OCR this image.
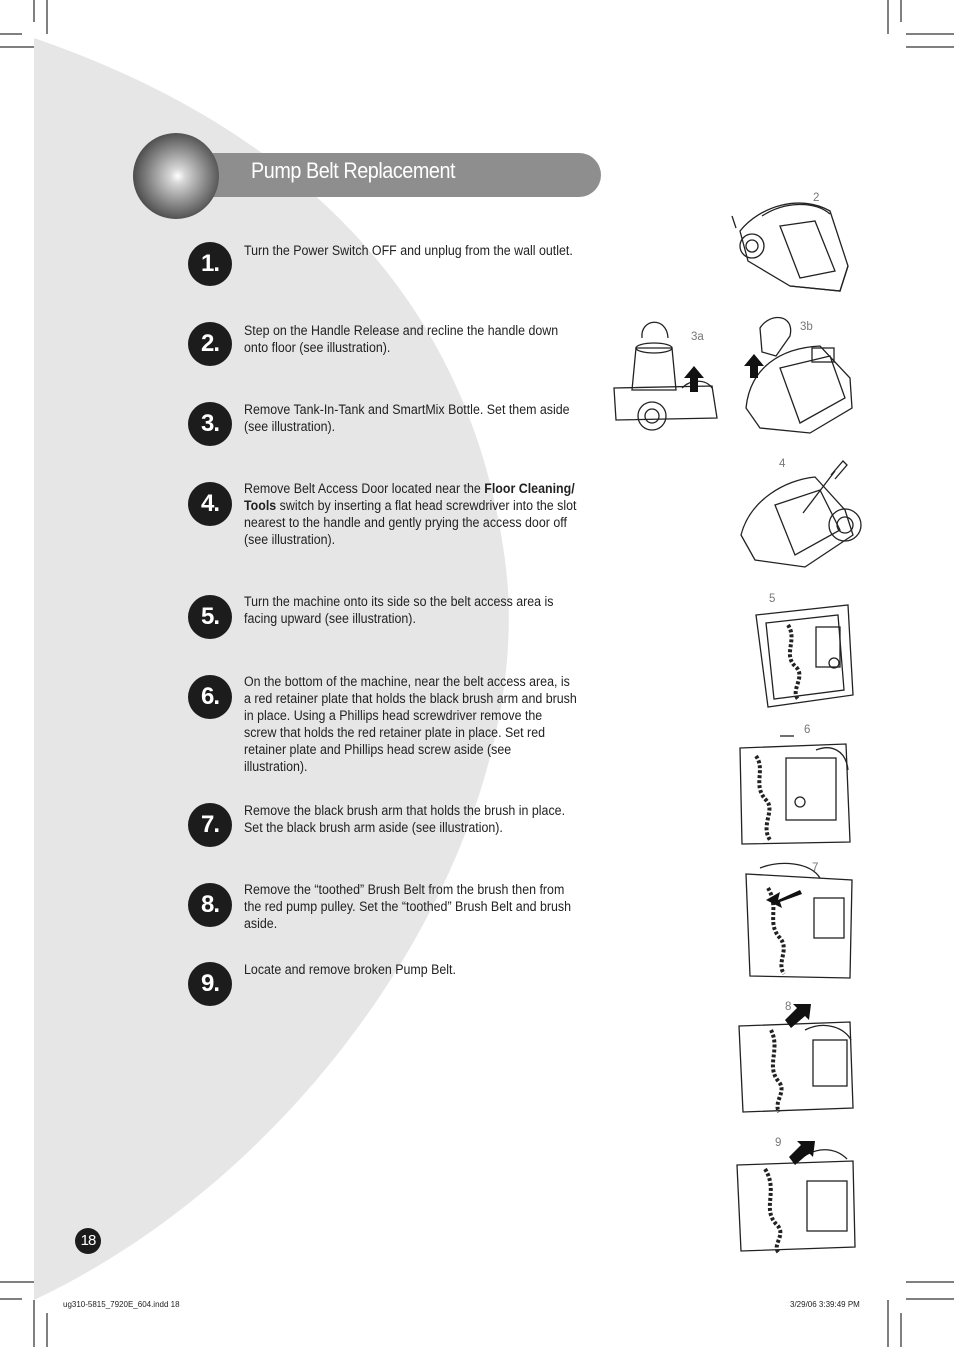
Pump Belt Replacement
1.	Turn the Power Switch OFF and unplug from the wall outlet.
2.	Step on the Handle Release and recline the handle down onto floor (see illustration).
3.
Remove Tank-In-Tank and SmartMix Bottle. Set them aside (see illustration).
4.
Remove Belt Access Door located near the Floor Cleaning/ Tools switch by inserting a flat head screwdriver into the slot nearest to the handle and gently prying the access door off (see illustration).
5.
Turn the machine onto its side so the belt access area is facing upward (see illustration).
6.
On the bottom of the machine, near the belt access area, is a red retainer plate that holds the black brush arm and brush in place. Using a Phillips head screwdriver remove the screw that holds the red retainer plate in place. Set red retainer plate and Phillips head screw aside (see illustration).
7.
Remove the black brush arm that holds the brush in place. Set the black brush arm aside (see illustration).
8.
Remove the “toothed” Brush Belt from the brush then from the red pump pulley. Set the “toothed” Brush Belt and brush aside.
9.
Locate and remove broken Pump Belt.
2
3a
3b
4
5
6
7
8
9
18
ug310-5815_7920E_604.indd 18	3/29/06 3:39:49 PM
